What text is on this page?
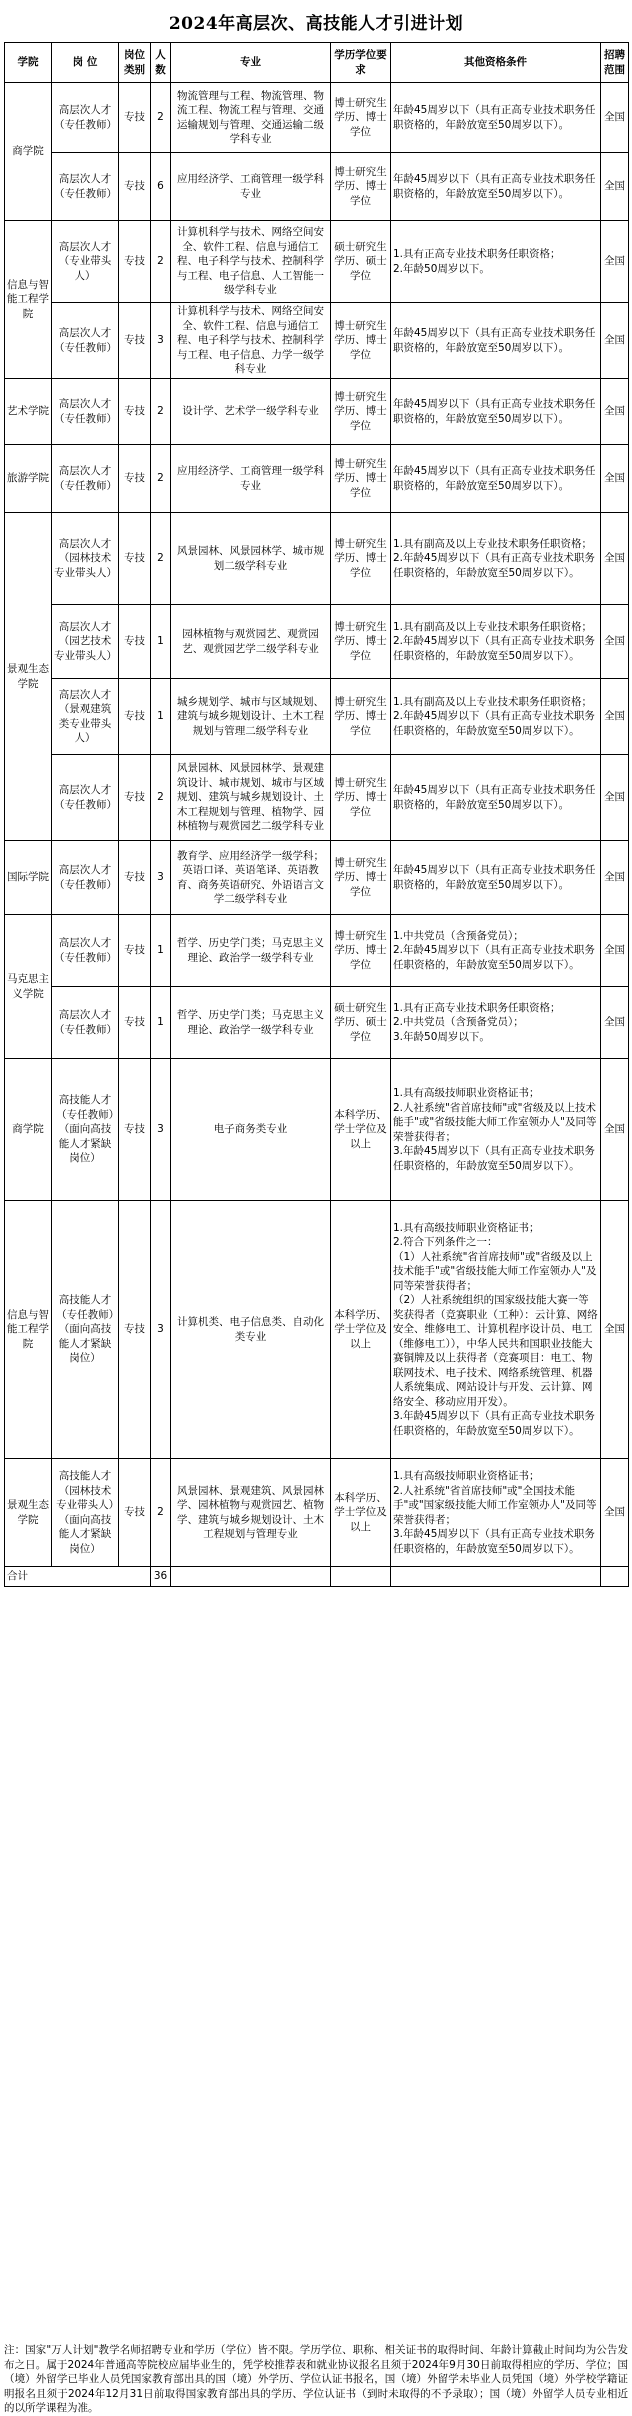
2024年高层次、高技能人才引进计划
学院	岗 位	岗位类别	人数	专业	学历学位要求	其他资格条件	招聘范围
商学院	高层次人才（专任教师）	专技	2	物流管理与工程、物流管理、物流工程、物流工程与管理、交通运输规划与管理、交通运输二级学科专业	博士研究生学历、博士学位	年龄45周岁以下（具有正高专业技术职务任职资格的，年龄放宽至50周岁以下）。	全国
	高层次人才（专任教师）	专技	6	应用经济学、工商管理一级学科专业	博士研究生学历、博士学位	年龄45周岁以下（具有正高专业技术职务任职资格的，年龄放宽至50周岁以下）。	全国
信息与智能工程学院	高层次人才（专业带头人）	专技	2	计算机科学与技术、网络空间安全、软件工程、信息与通信工程、电子科学与技术、控制科学与工程、电子信息、人工智能一级学科专业	硕士研究生学历、硕士学位	1.具有正高专业技术职务任职资格；
2.年龄50周岁以下。	全国
	高层次人才（专任教师）	专技	3	计算机科学与技术、网络空间安全、软件工程、信息与通信工程、电子科学与技术、控制科学与工程、电子信息、力学一级学科专业	博士研究生学历、博士学位	年龄45周岁以下（具有正高专业技术职务任职资格的，年龄放宽至50周岁以下）。	全国
艺术学院	高层次人才（专任教师）	专技	2	设计学、艺术学一级学科专业	博士研究生学历、博士学位	年龄45周岁以下（具有正高专业技术职务任职资格的，年龄放宽至50周岁以下）。	全国
旅游学院	高层次人才（专任教师）	专技	2	应用经济学、工商管理一级学科专业	博士研究生学历、博士学位	年龄45周岁以下（具有正高专业技术职务任职资格的，年龄放宽至50周岁以下）。	全国
景观生态学院	高层次人才（园林技术专业带头人）	专技	2	风景园林、风景园林学、城市规划二级学科专业	博士研究生学历、博士学位	1.具有副高及以上专业技术职务任职资格；
2.年龄45周岁以下（具有正高专业技术职务任职资格的，年龄放宽至50周岁以下）。	全国
	高层次人才（园艺技术专业带头人）	专技	1	园林植物与观赏园艺、观赏园艺、观赏园艺学二级学科专业	博士研究生学历、博士学位	1.具有副高及以上专业技术职务任职资格；
2.年龄45周岁以下（具有正高专业技术职务任职资格的，年龄放宽至50周岁以下）。	全国
	高层次人才（景观建筑类专业带头人）	专技	1	城乡规划学、城市与区域规划、建筑与城乡规划设计、土木工程规划与管理二级学科专业	博士研究生学历、博士学位	1.具有副高及以上专业技术职务任职资格；
2.年龄45周岁以下（具有正高专业技术职务任职资格的，年龄放宽至50周岁以下）。	全国
	高层次人才（专任教师）	专技	2	风景园林、风景园林学、景观建筑设计、城市规划、城市与区域规划、建筑与城乡规划设计、土木工程规划与管理、植物学、园林植物与观赏园艺二级学科专业	博士研究生学历、博士学位	年龄45周岁以下（具有正高专业技术职务任职资格的，年龄放宽至50周岁以下）。	全国
国际学院	高层次人才（专任教师）	专技	3	教育学、应用经济学一级学科；英语口译、英语笔译、英语教育、商务英语研究、外语语言文学二级学科专业	博士研究生学历、博士学位	年龄45周岁以下（具有正高专业技术职务任职资格的，年龄放宽至50周岁以下）。	全国
马克思主义学院	高层次人才（专任教师）	专技	1	哲学、历史学门类；马克思主义理论、政治学一级学科专业	博士研究生学历、博士学位	1.中共党员（含预备党员）；
2.年龄45周岁以下（具有正高专业技术职务任职资格的，年龄放宽至50周岁以下）。	全国
	高层次人才（专任教师）	专技	1	哲学、历史学门类；马克思主义理论、政治学一级学科专业	硕士研究生学历、硕士学位	1.具有正高专业技术职务任职资格；
2.中共党员（含预备党员）；
3.年龄50周岁以下。	全国
商学院	高技能人才（专任教师）（面向高技能人才紧缺岗位）	专技	3	电子商务类专业	本科学历、学士学位及以上	1.具有高级技师职业资格证书；
2.人社系统"省首席技师"或"省级及以上技术能手"或"省级技能大师工作室领办人"及同等荣誉获得者；
3.年龄45周岁以下（具有正高专业技术职务任职资格的，年龄放宽至50周岁以下）。	全国
信息与智能工程学院	高技能人才（专任教师）（面向高技能人才紧缺岗位）	专技	3	计算机类、电子信息类、自动化类专业	本科学历、学士学位及以上	1.具有高级技师职业资格证书；
2.符合下列条件之一：
（1）人社系统"省首席技师"或"省级及以上技术能手"或"省级技能大师工作室领办人"及同等荣誉获得者；
（2）人社系统组织的国家级技能大赛一等奖获得者（竞赛职业（工种）：云计算、网络安全、维修电工、计算机程序设计员、电工（维修电工）），中华人民共和国职业技能大赛铜牌及以上获得者（竞赛项目：电工、物联网技术、电子技术、网络系统管理、机器人系统集成、网站设计与开发、云计算、网络安全、移动应用开发）。
3.年龄45周岁以下（具有正高专业技术职务任职资格的，年龄放宽至50周岁以下）。	全国
景观生态学院	高技能人才（园林技术专业带头人）（面向高技能人才紧缺岗位）	专技	2	风景园林、景观建筑、风景园林学、园林植物与观赏园艺、植物学、建筑与城乡规划设计、土木工程规划与管理专业	本科学历、学士学位及以上	1.具有高级技师职业资格证书；
2.人社系统"省首席技师"或"全国技术能手"或"国家级技能大师工作室领办人"及同等荣誉获得者；
3.年龄45周岁以下（具有正高专业技术职务任职资格的，年龄放宽至50周岁以下）。	全国
合计			36				
注：国家"万人计划"教学名师招聘专业和学历（学位）皆不限。学历学位、职称、相关证书的取得时间、年龄计算截止时间均为公告发布之日。属于2024年普通高等院校应届毕业生的，凭学校推荐表和就业协议报名且须于2024年9月30日前取得相应的学历、学位；国（境）外留学已毕业人员凭国家教育部出具的国（境）外学历、学位认证书报名，国（境）外留学未毕业人员凭国（境）外学校学籍证明报名且须于2024年12月31日前取得国家教育部出具的学历、学位认证书（到时未取得的不予录取）；国（境）外留学人员专业相近的以所学课程为准。
